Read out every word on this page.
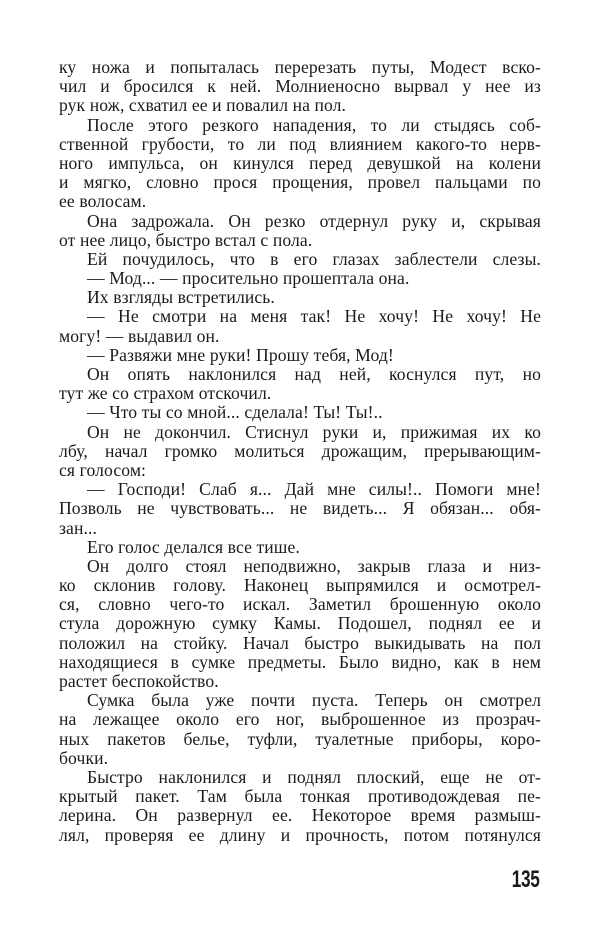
ку ножа и попыталась перерезать путы, Модест вско-
чил и бросился к ней. Молниеносно вырвал у нее из
рук нож, схватил ее и повалил на пол.
После этого резкого нападения, то ли стыдясь соб-
ственной грубости, то ли под влиянием какого-то нерв-
ного импульса, он кинулся перед девушкой на колени
и мягко, словно прося прощения, провел пальцами по
ее волосам.
Она задрожала. Он резко отдернул руку и, скрывая
от нее лицо, быстро встал с пола.
Ей почудилось, что в его глазах заблестели слезы.
— Мод... — просительно прошептала она.
Их взгляды встретились.
— Не смотри на меня так! Не хочу! Не хочу! Не
могу! — выдавил он.
— Развяжи мне руки! Прошу тебя, Мод!
Он опять наклонился над ней, коснулся пут, но
тут же со страхом отскочил.
— Что ты со мной... сделала! Ты! Ты!..
Он не докончил. Стиснул руки и, прижимая их ко
лбу, начал громко молиться дрожащим, прерывающим-
ся голосом:
— Господи! Слаб я... Дай мне силы!.. Помоги мне!
Позволь не чувствовать... не видеть... Я обязан... обя-
зан...
Его голос делался все тише.
Он долго стоял неподвижно, закрыв глаза и низ-
ко склонив голову. Наконец выпрямился и осмотрел-
ся, словно чего-то искал. Заметил брошенную около
стула дорожную сумку Камы. Подошел, поднял ее и
положил на стойку. Начал быстро выкидывать на пол
находящиеся в сумке предметы. Было видно, как в нем
растет беспокойство.
Сумка была уже почти пуста. Теперь он смотрел
на лежащее около его ног, выброшенное из прозрач-
ных пакетов белье, туфли, туалетные приборы, коро-
бочки.
Быстро наклонился и поднял плоский, еще не от-
крытый пакет. Там была тонкая противодождевая пе-
лерина. Он развернул ее. Некоторое время размыш-
лял, проверяя ее длину и прочность, потом потянулся
135
